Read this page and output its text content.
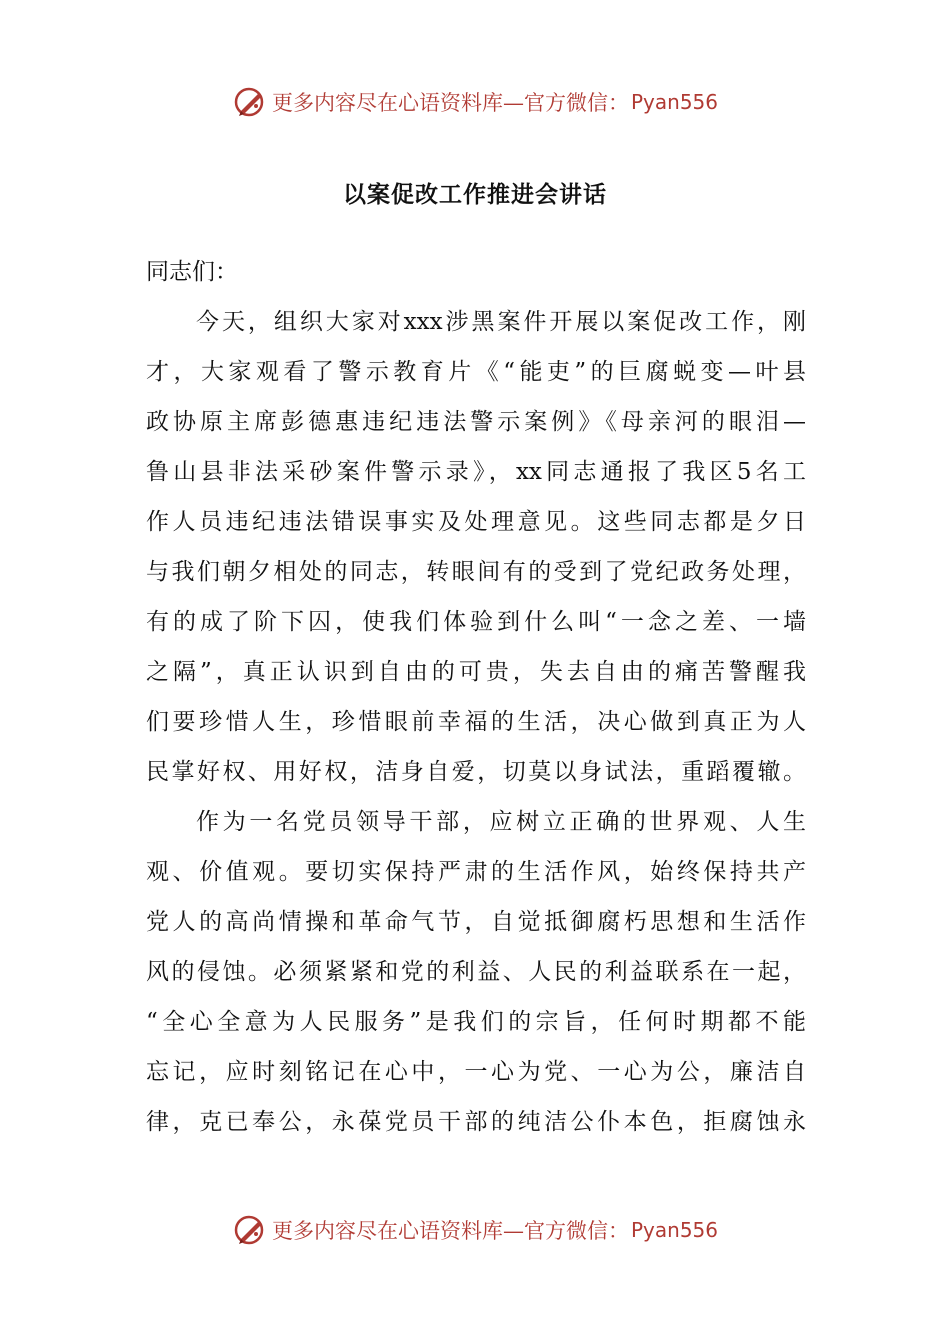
更多内容尽在心语资料库—官方微信： Pyan556
以案促改工作推进会讲话
同志们：
今天，组织大家对xxx涉黑案件开展以案促改工作，刚
才，大家观看了警示教育片《“能吏”的巨腐蜕变—叶县
政协原主席彭德惠违纪违法警示案例》《母亲河的眼泪—
鲁山县非法采砂案件警示录》，xx同志通报了我区5名工
作人员违纪违法错误事实及处理意见。这些同志都是夕日
与我们朝夕相处的同志，转眼间有的受到了党纪政务处理，
有的成了阶下囚，使我们体验到什么叫“一念之差、一墙
之隔”，真正认识到自由的可贵，失去自由的痛苦警醒我
们要珍惜人生，珍惜眼前幸福的生活，决心做到真正为人
民掌好权、用好权，洁身自爱，切莫以身试法，重蹈覆辙。
作为一名党员领导干部，应树立正确的世界观、人生
观、价值观。要切实保持严肃的生活作风，始终保持共产
党人的高尚情操和革命气节，自觉抵御腐朽思想和生活作
风的侵蚀。必须紧紧和党的利益、人民的利益联系在一起，
“全心全意为人民服务”是我们的宗旨，任何时期都不能
忘记，应时刻铭记在心中，一心为党、一心为公，廉洁自
律，克已奉公，永葆党员干部的纯洁公仆本色，拒腐蚀永
更多内容尽在心语资料库—官方微信： Pyan556
